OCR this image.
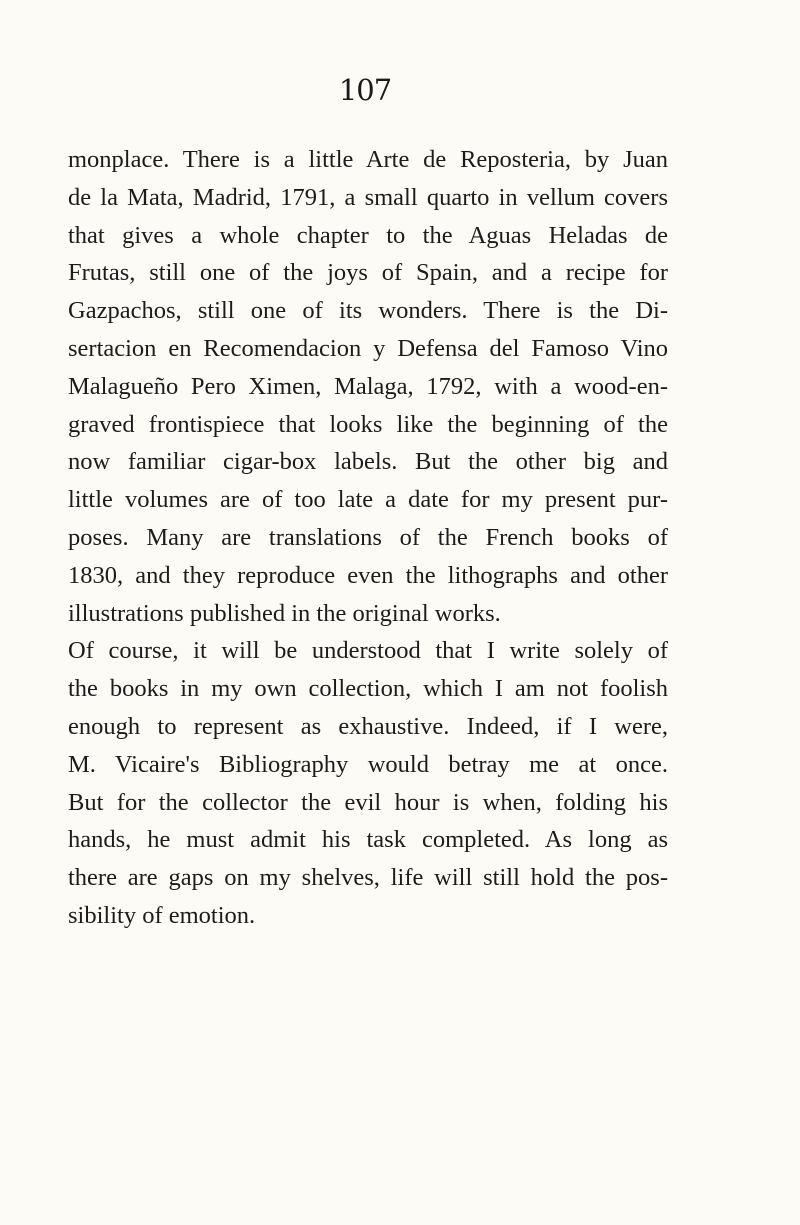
107
monplace. There is a little Arte de Reposteria, by Juan
de la Mata, Madrid, 1791, a small quarto in vellum covers
that gives a whole chapter to the Aguas Heladas de
Frutas, still one of the joys of Spain, and a recipe for
Gazpachos, still one of its wonders. There is the Di-
sertacion en Recomendacion y Defensa del Famoso Vino
Malagueño Pero Ximen, Malaga, 1792, with a wood-en-
graved frontispiece that looks like the beginning of the
now familiar cigar-box labels. But the other big and
little volumes are of too late a date for my present pur-
poses. Many are translations of the French books of
1830, and they reproduce even the lithographs and other
illustrations published in the original works.
Of course, it will be understood that I write solely of
the books in my own collection, which I am not foolish
enough to represent as exhaustive. Indeed, if I were,
M. Vicaire's Bibliography would betray me at once.
But for the collector the evil hour is when, folding his
hands, he must admit his task completed. As long as
there are gaps on my shelves, life will still hold the pos-
sibility of emotion.
